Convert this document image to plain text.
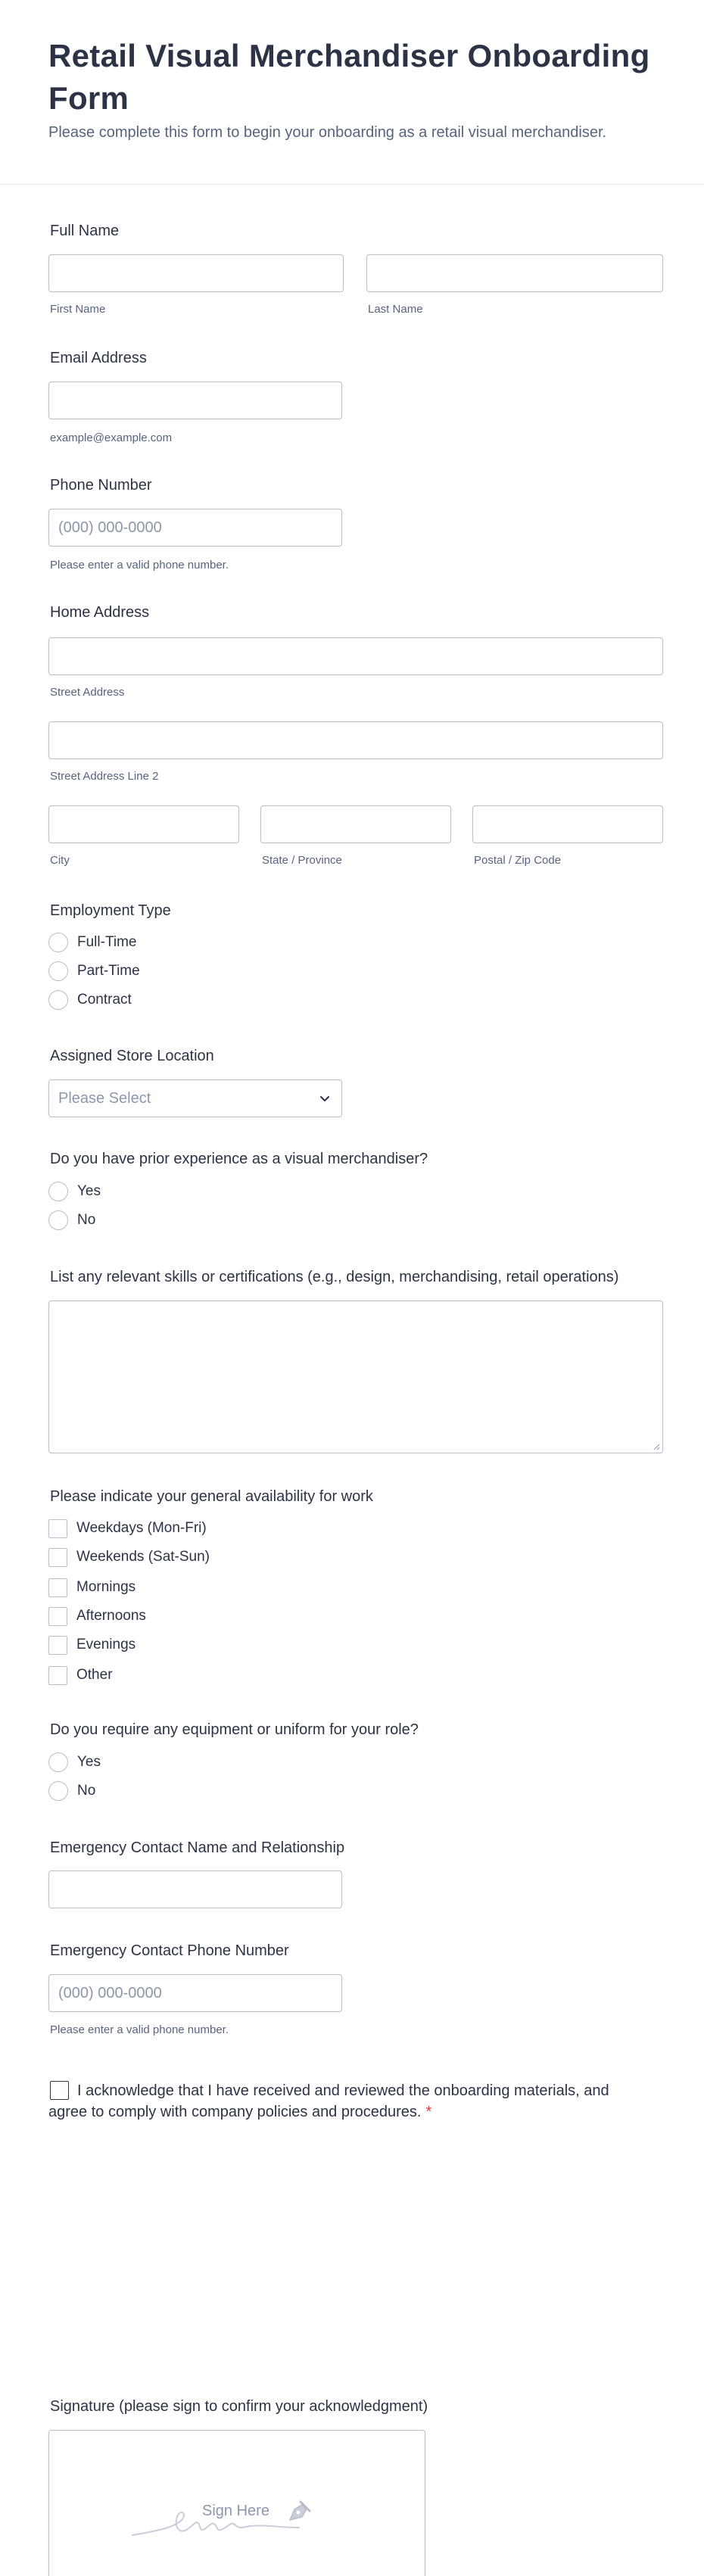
Retail Visual Merchandiser Onboarding Form
Please complete this form to begin your onboarding as a retail visual merchandiser.
Full Name
First Name	Last Name
Email Address
example@example.com
Phone Number
(000) 000-0000
Please enter a valid phone number.
Home Address
Street Address
Street Address Line 2
City	State / Province	Postal / Zip Code
Employment Type
Full-Time
Part-Time
Contract
Assigned Store Location
Please Select
Do you have prior experience as a visual merchandiser?
Yes
No
List any relevant skills or certifications (e.g., design, merchandising, retail operations)
Please indicate your general availability for work
Weekdays (Mon-Fri)
Weekends (Sat-Sun)
Mornings
Afternoons
Evenings
Other
Do you require any equipment or uniform for your role?
Yes
No
Emergency Contact Name and Relationship
Emergency Contact Phone Number
(000) 000-0000
Please enter a valid phone number.
I acknowledge that I have received and reviewed the onboarding materials, and agree to comply with company policies and procedures. *
Signature (please sign to confirm your acknowledgment)
Sign Here
